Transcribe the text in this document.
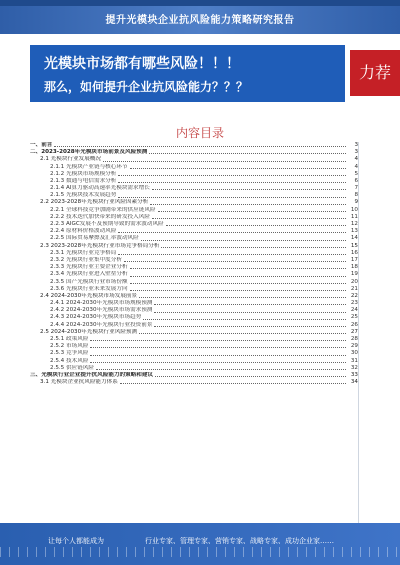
提升光模块企业抗风险能力策略研究报告
光模块市场都有哪些风险！！！
那么，如何提升企业抗风险能力？？？
力荐
内容目录
一、前言	3
二、2023-2028年光模块市场前景及风险预测	3
2.1 光模块行业发展概况	4
2.1.1 光模块产业链与核心环节	4
2.1.2 光模块市场规模分析	5
2.1.3 数通与电信需求分析	6
2.1.4 AI算力驱动高速率光模块需求增长	7
2.1.5 光模块技术发展趋势	8
2.2 2023-2028年光模块行业风险因素分析	9
2.2.1 全球科技竞争加剧带来的供应链风险	10
2.2.2 技术迭代加快带来的研发投入风险	11
2.2.3 AIGC发展不及预期导致的需求波动风险	12
2.2.4 原材料价格波动风险	13
2.2.5 国际贸易摩擦及汇率波动风险	14
2.3 2023-2028年光模块行业市场竞争格局分析	15
2.3.1 光模块行业竞争格局	16
2.3.2 光模块行业集中度分析	17
2.3.3 光模块行业主要企业分析	18
2.3.4 光模块行业进入壁垒分析	19
2.3.5 国产光模块行业市场份额	20
2.3.6 光模块行业未来发展方向	21
2.4 2024-2030年光模块市场发展前景	22
2.4.1 2024-2030年光模块市场规模预测	23
2.4.2 2024-2030年光模块市场需求预测	24
2.4.3 2024-2030年光模块市场趋势	25
2.4.4 2024-2030年光模块行业投资前景	26
2.5 2024-2030年光模块行业风险预测	27
2.5.1 政策风险	28
2.5.2 市场风险	29
2.5.3 竞争风险	30
2.5.4 技术风险	31
2.5.5 供应链风险	32
三、光模块行业企业提升抗风险能力的策略和建议	33
3.1 光模块企业抗风险能力体系	34
让每个人都能成为	行业专家、管理专家、营销专家、战略专家、成功企业家……
